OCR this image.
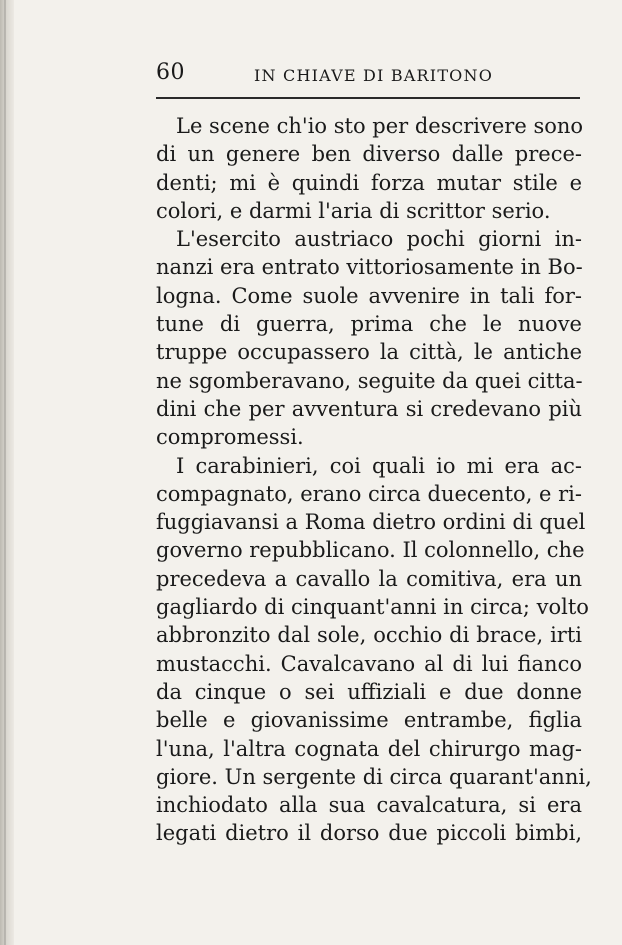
60	IN CHIAVE DI BARITONO
Le scene ch'io sto per descrivere sono
di un genere ben diverso dalle prece-
denti; mi è quindi forza mutar stile e
colori, e darmi l'aria di scrittor serio.
L'esercito austriaco pochi giorni in-
nanzi era entrato vittoriosamente in Bo-
logna. Come suole avvenire in tali for-
tune di guerra, prima che le nuove
truppe occupassero la città, le antiche
ne sgomberavano, seguite da quei citta-
dini che per avventura si credevano più
compromessi.
I carabinieri, coi quali io mi era ac-
compagnato, erano circa duecento, e ri-
fuggiavansi a Roma dietro ordini di quel
governo repubblicano. Il colonnello, che
precedeva a cavallo la comitiva, era un
gagliardo di cinquant'anni in circa; volto
abbronzito dal sole, occhio di brace, irti
mustacchi. Cavalcavano al di lui fianco
da cinque o sei uffiziali e due donne
belle e giovanissime entrambe, figlia
l'una, l'altra cognata del chirurgo mag-
giore. Un sergente di circa quarant'anni,
inchiodato alla sua cavalcatura, si era
legati dietro il dorso due piccoli bimbi,
